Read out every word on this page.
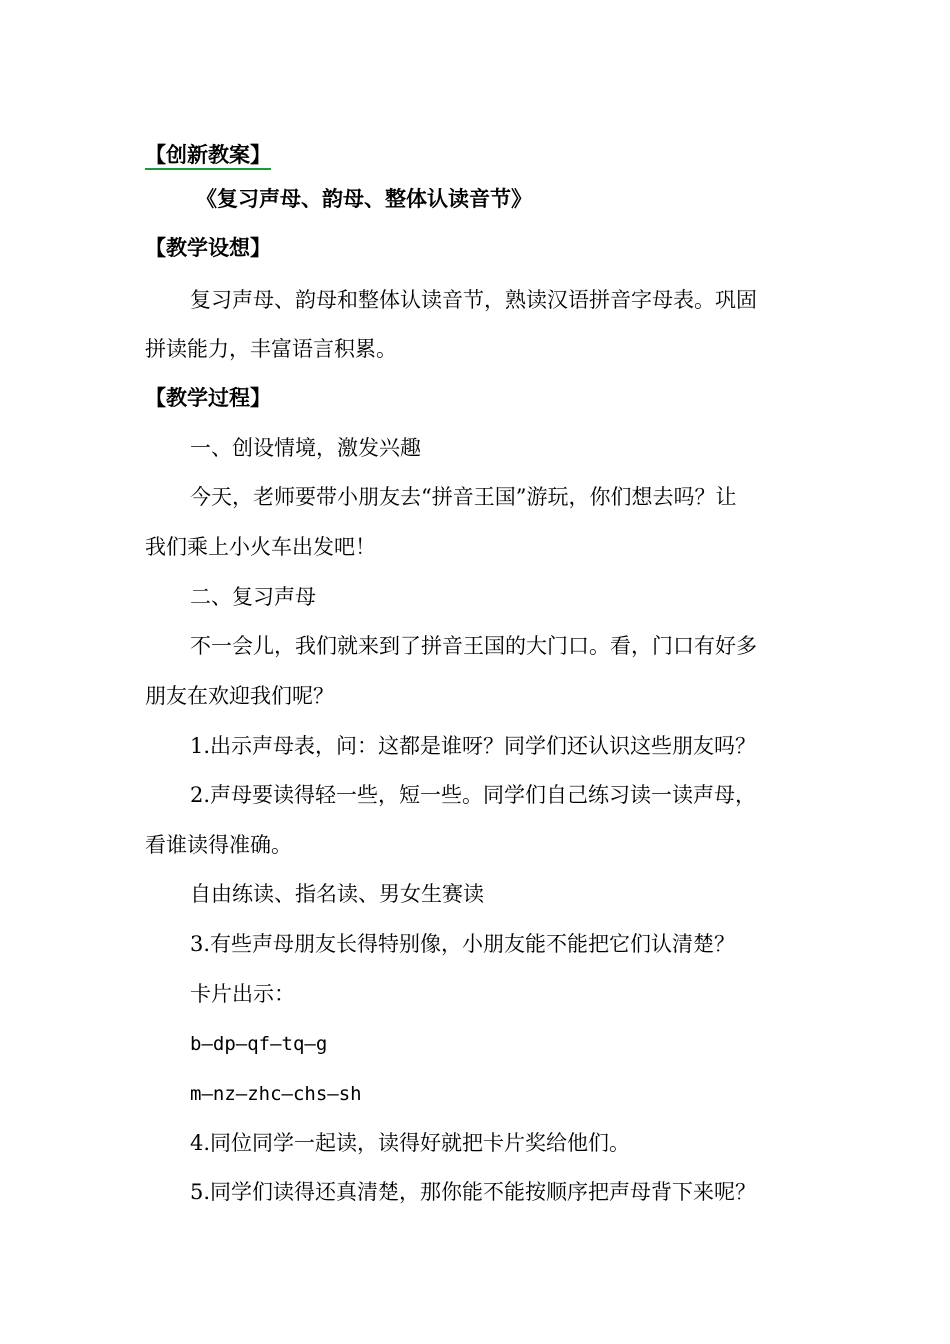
【创新教案】
《复习声母、韵母、整体认读音节》
【教学设想】
复习声母、韵母和整体认读音节，熟读汉语拼音字母表。巩固
拼读能力，丰富语言积累。
【教学过程】
一、创设情境，激发兴趣
今天，老师要带小朋友去“拼音王国”游玩，你们想去吗？让
我们乘上小火车出发吧！
二、复习声母
不一会儿，我们就来到了拼音王国的大门口。看，门口有好多
朋友在欢迎我们呢？
1.出示声母表，问：这都是谁呀？同学们还认识这些朋友吗？
2.声母要读得轻一些，短一些。同学们自己练习读一读声母，
看谁读得准确。
自由练读、指名读、男女生赛读
3.有些声母朋友长得特别像，小朋友能不能把它们认清楚？
卡片出示：
b—dp—qf—tq—g
m—nz—zhc—chs—sh
4.同位同学一起读，读得好就把卡片奖给他们。
5.同学们读得还真清楚，那你能不能按顺序把声母背下来呢？
